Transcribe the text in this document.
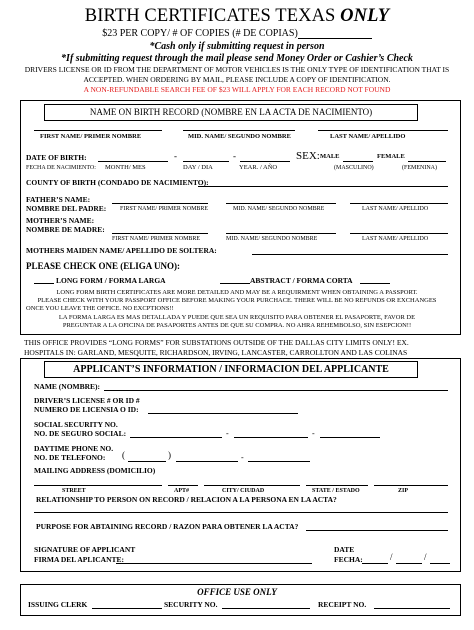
BIRTH CERTIFICATES TEXAS ONLY
$23 PER COPY/ # OF COPIES (# DE COPIAS)
*Cash only if submitting request in person
*If submitting request through the mail please send Money Order or Cashier’s Check
DRIVERS LICENSE OR ID FROM THE DEPARTMENT OF MOTOR VEHICLES IS THE ONLY TYPE OF IDENTIFICATION THAT IS
ACCEPTED. WHEN ORDERING BY MAIL, PLEASE INCLUDE A COPY OF IDENTIFICATION.
A NON-REFUNDABLE SEARCH FEE OF $23 WILL APPLY FOR EACH RECORD NOT FOUND
NAME ON BIRTH RECORD (NOMBRE EN LA ACTA DE NACIMIENTO)
FIRST NAME/ PRIMER NOMBRE	MID. NAME/ SEGUNDO NOMBRE	LAST NAME/ APELLIDO
DATE OF BIRTH:	-	-	SEX: MALE	FEMALE
FECHA DE NACIMIENTO: MONTH/ MES	DAY / DIA	YEAR. / AÑO	(MASCULINO)	(FEMENINA)
COUNTY OF BIRTH (CONDADO DE NACIMIENTO):
FATHER’S NAME:
NOMBRE DEL PADRE: FIRST NAME/ PRIMER NOMBRE	MID. NAME/ SEGUNDO NOMBRE	LAST NAME/ APELLIDO
MOTHER’S NAME:
NOMBRE DE MADRE:
FIRST NAME/ PRIMER NOMBRE	MID. NAME/ SEGUNDO NOMBRE	LAST NAME/ APELLIDO
MOTHERS MAIDEN NAME/ APELLIDO DE SOLTERA:
PLEASE CHECK ONE (ELIGA UNO):
LONG FORM / FORMA LARGA	ABSTRACT / FORMA CORTA
LONG FORM BIRTH CERTIFICATES ARE MORE DETAILED AND MAY BE A REQUIRMENT WHEN OBTAINING A PASSPORT.
PLEASE CHECK WITH YOUR PASSPORT OFFICE BEFORE MAKING YOUR PURCHACE. THERE WILL BE NO REFUNDS OR EXCHANGES
ONCE YOU LEAVE THE OFFICE. NO EXCPTIONS!!
LA FORMA LARGA ES MAS DETALLADA Y PUEDE QUE SEA UN REQUISITO PARA OBTENER EL PASAPORTE, FAVOR DE
PREGUNTAR A LA OFICINA DE PASAPORTES ANTES DE QUE SU COMPRA. NO AHRA REHEMBOLSO, SIN ESEPCION!!
THIS OFFICE PROVIDES “LONG FORMS” FOR SUBSTATIONS OUTSIDE OF THE DALLAS CITY LIMITS ONLY! EX.
HOSPITALS IN: GARLAND, MESQUITE, RICHARDSON, IRVING, LANCASTER, CARROLLTON AND LAS COLINAS
APPLICANT’S INFORMATION / INFORMACION DEL APPLICANTE
NAME (NOMBRE):
DRIVER’S LICENSE # OR ID #
NUMERO DE LICENSIA O ID:
SOCIAL SECURITY NO.
NO. DE SEGURO SOCIAL:	-	-
DAYTIME PHONE NO.
NO. DE TELEFONO: (	)	-
MAILING ADDRESS (DOMICILIO)
STREET	APT#	CITY/ CIUDAD	STATE / ESTADO	ZIP
RELATIONSHIP TO PERSON ON RECORD / RELACION A LA PERSONA EN LA ACTA?
PURPOSE FOR ABTAINING RECORD / RAZON PARA OBTENER LA ACTA?
SIGNATURE OF APPLICANT
FIRMA DEL APLICANTE:
DATE
FECHA:	/	/
OFFICE USE ONLY
ISSUING CLERK	SECURITY NO.	RECEIPT NO.
